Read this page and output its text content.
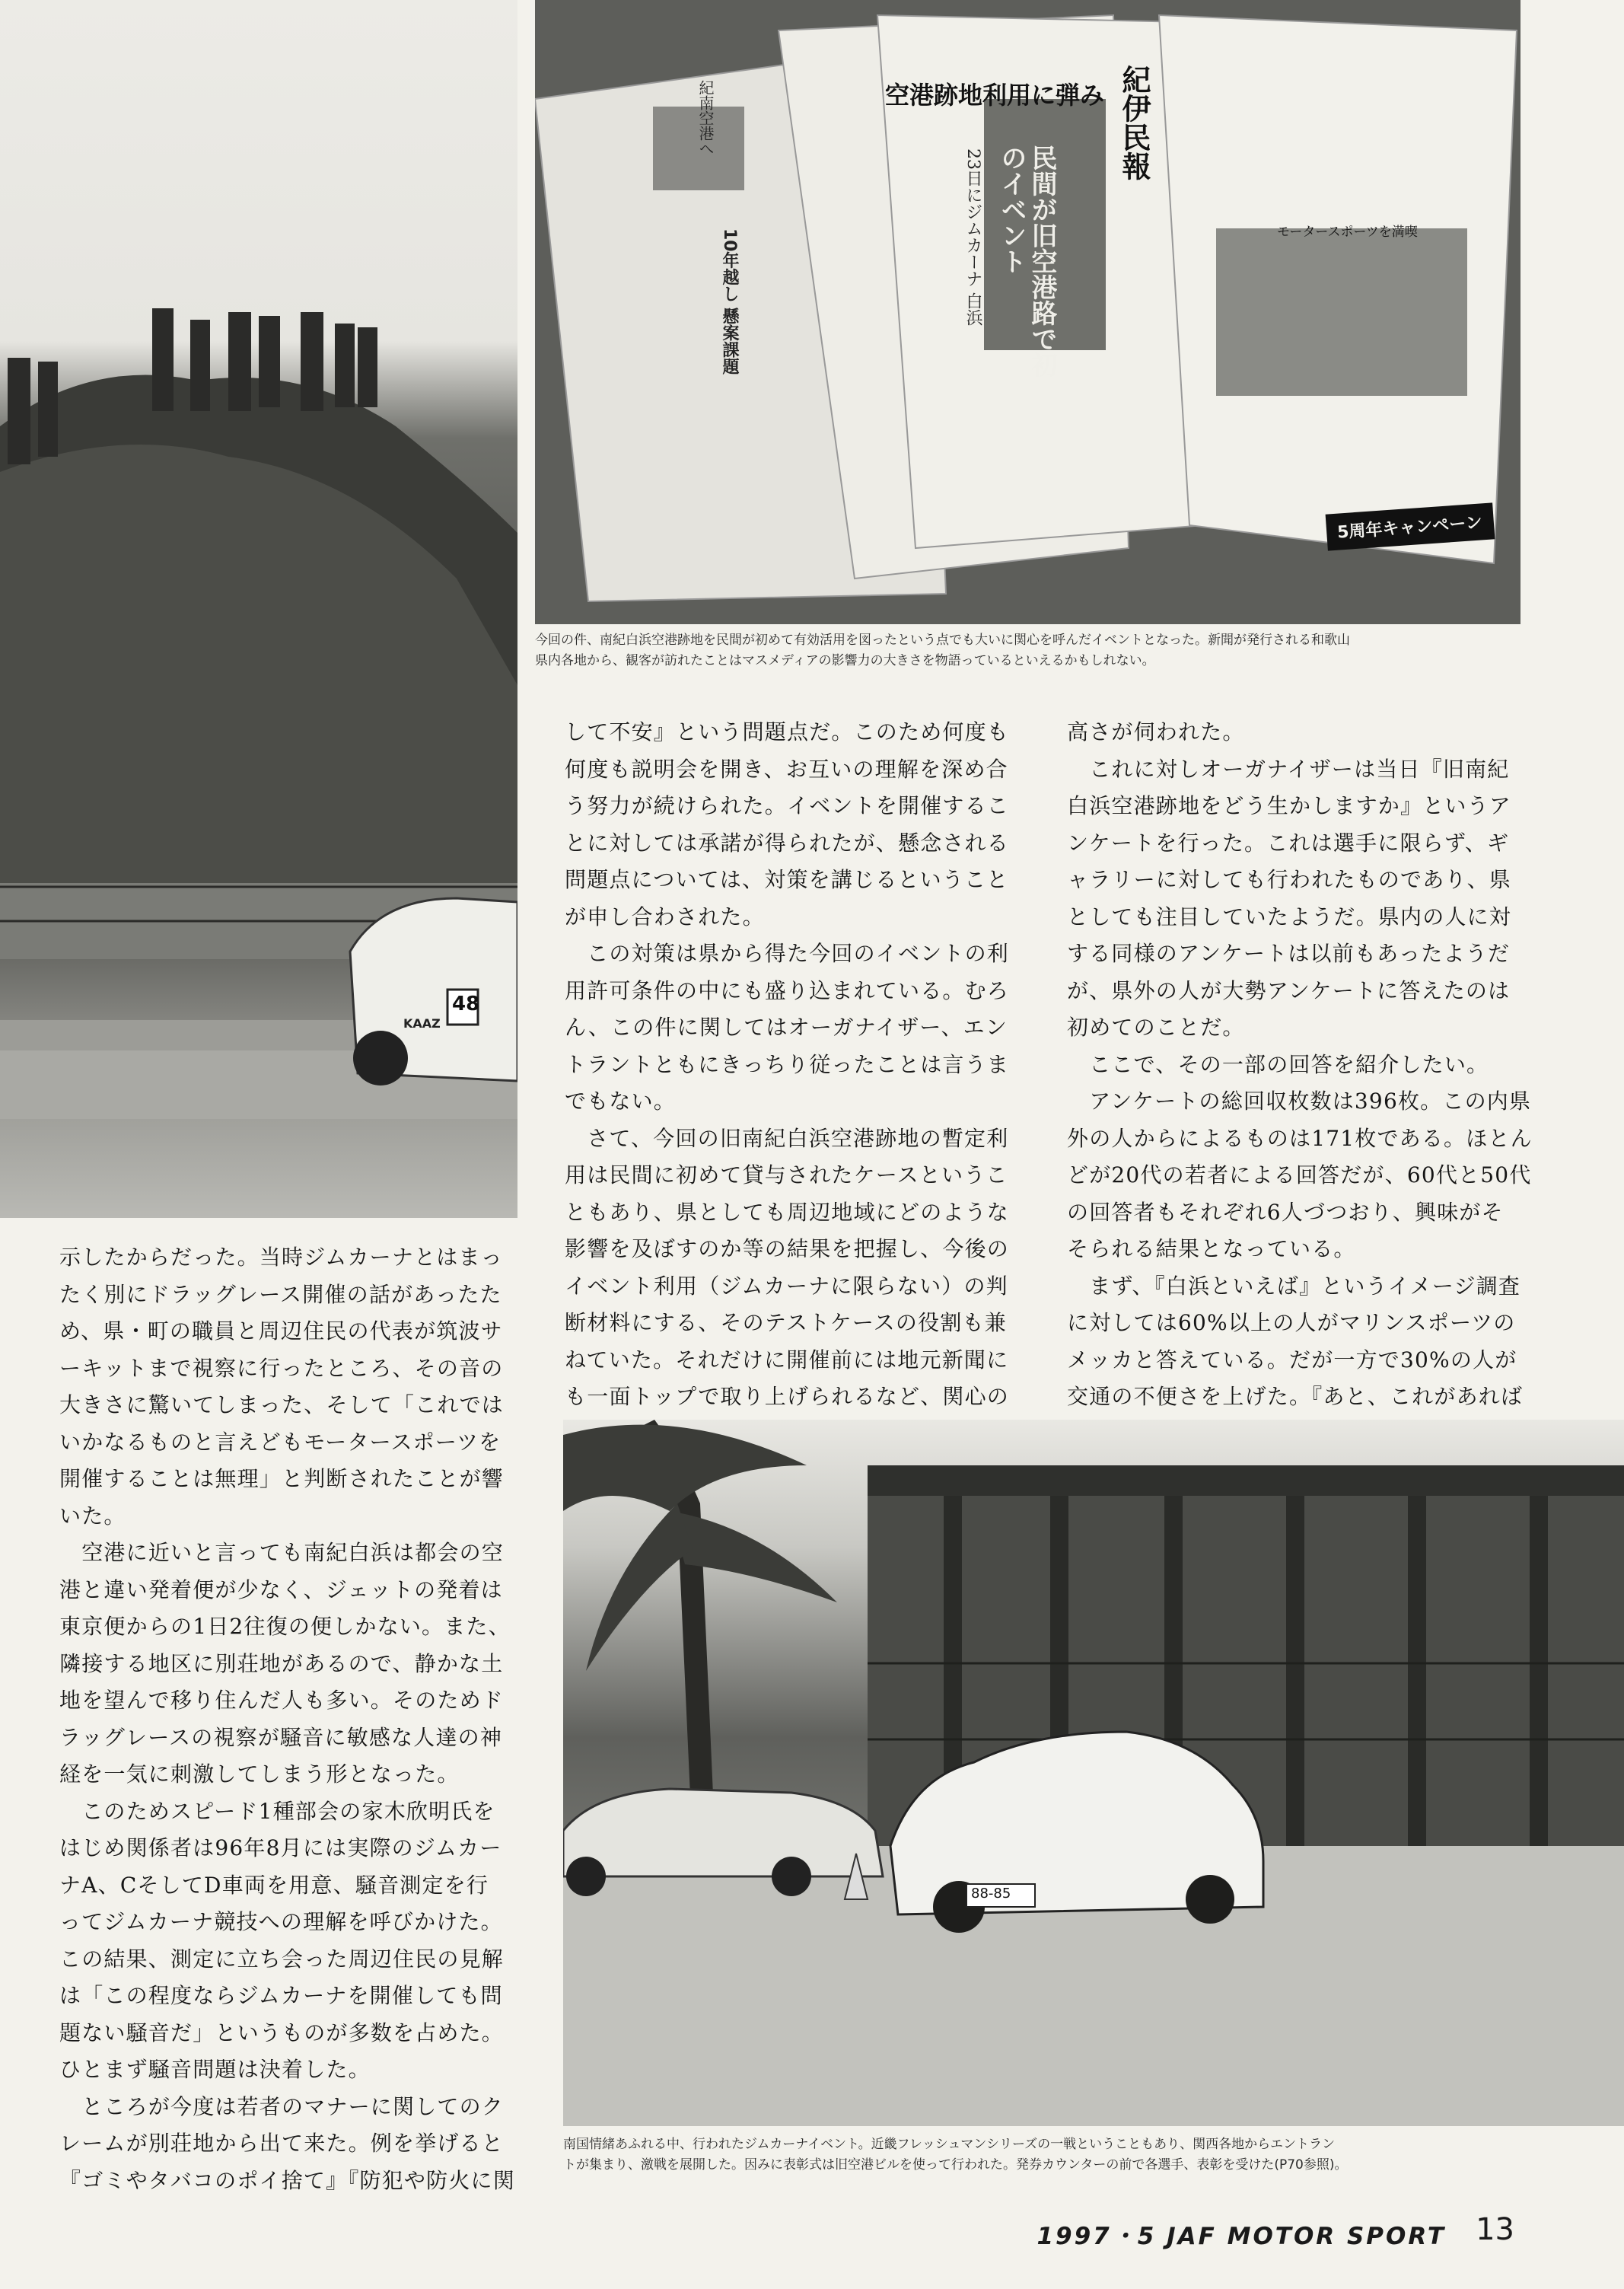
48
KAAZ
空港跡地利用に弾み
民間が旧空港路で初のイベント
23日にジムカーナ 白浜
10年越し 懸案課題
紀伊民報
モータースポーツを満喫
紀南空港へ
5周年キャンペーン
今回の件、南紀白浜空港跡地を民間が初めて有効活用を図ったという点でも大いに関心を呼んだイベントとなった。新聞が発行される和歌山
県内各地から、観客が訪れたことはマスメディアの影響力の大きさを物語っているといえるかもしれない。

して不安』という問題点だ。このため何度も

何度も説明会を開き、お互いの理解を深め合

う努力が続けられた。イベントを開催するこ

とに対しては承諾が得られたが、懸念される

問題点については、対策を講じるということ

が申し合わされた。

　この対策は県から得た今回のイベントの利

用許可条件の中にも盛り込まれている。むろ

ん、この件に関してはオーガナイザー、エン

トラントともにきっちり従ったことは言うま

でもない。

　さて、今回の旧南紀白浜空港跡地の暫定利

用は民間に初めて貸与されたケースというこ

ともあり、県としても周辺地域にどのような

影響を及ぼすのか等の結果を把握し、今後の

イベント利用（ジムカーナに限らない）の判

断材料にする、そのテストケースの役割も兼

ねていた。それだけに開催前には地元新聞に

も一面トップで取り上げられるなど、関心の

高さが伺われた。

　これに対しオーガナイザーは当日『旧南紀

白浜空港跡地をどう生かしますか』というア

ンケートを行った。これは選手に限らず、ギ

ャラリーに対しても行われたものであり、県

としても注目していたようだ。県内の人に対

する同様のアンケートは以前もあったようだ

が、県外の人が大勢アンケートに答えたのは

初めてのことだ。

　ここで、その一部の回答を紹介したい。

　アンケートの総回収枚数は396枚。この内県

外の人からによるものは171枚である。ほとん

どが20代の若者による回答だが、60代と50代

の回答者もそれぞれ6人づつおり、興味がそ

そられる結果となっている。

　まず、『白浜といえば』というイメージ調査

に対しては60%以上の人がマリンスポーツの

メッカと答えている。だが一方で30%の人が

交通の不便さを上げた。『あと、これがあれば

示したからだった。当時ジムカーナとはまっ

たく別にドラッグレース開催の話があったた

め、県・町の職員と周辺住民の代表が筑波サ

ーキットまで視察に行ったところ、その音の

大きさに驚いてしまった、そして「これでは

いかなるものと言えどもモータースポーツを

開催することは無理」と判断されたことが響

いた。

　空港に近いと言っても南紀白浜は都会の空

港と違い発着便が少なく、ジェットの発着は

東京便からの1日2往復の便しかない。また、

隣接する地区に別荘地があるので、静かな土

地を望んで移り住んだ人も多い。そのためド

ラッグレースの視察が騒音に敏感な人達の神

経を一気に刺激してしまう形となった。

　このためスピード1種部会の家木欣明氏を

はじめ関係者は96年8月には実際のジムカー

ナA、CそしてD車両を用意、騒音測定を行

ってジムカーナ競技への理解を呼びかけた。

この結果、測定に立ち会った周辺住民の見解

は「この程度ならジムカーナを開催しても問

題ない騒音だ」というものが多数を占めた。

ひとまず騒音問題は決着した。

　ところが今度は若者のマナーに関してのク

レームが別荘地から出て来た。例を挙げると

『ゴミやタバコのポイ捨て』『防犯や防火に関

88-85
南国情緒あふれる中、行われたジムカーナイベント。近畿フレッシュマンシリーズの一戦ということもあり、関西各地からエントラン
トが集まり、激戦を展開した。因みに表彰式は旧空港ビルを使って行われた。発券カウンターの前で各選手、表彰を受けた(P70参照)。
1997・5 JAF MOTOR SPORT 13
